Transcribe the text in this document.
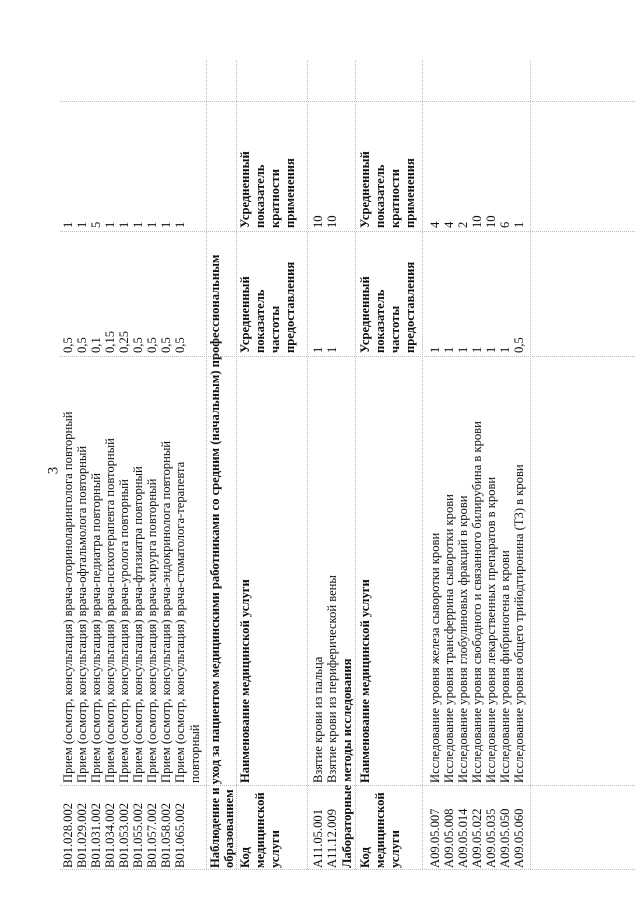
3
B01.028.002
Прием (осмотр, консультация) врача-оториноларинголога повторный
0,5
1
B01.029.002
Прием (осмотр, консультация) врача-офтальмолога повторный
0,5
1
B01.031.002
Прием (осмотр, консультация) врача-педиатра повторный
0,1
5
B01.034.002
Прием (осмотр, консультация) врача-психотерапевта повторный
0,15
1
B01.053.002
Прием (осмотр, консультация) врача-уролога повторный
0,25
1
B01.055.002
Прием (осмотр, консультация) врача-фтизиатра повторный
0,5
1
B01.057.002
Прием (осмотр, консультация) врача-хирурга повторный
0,5
1
B01.058.002
Прием (осмотр, консультация) врача-эндокринолога повторный
0,5
1
B01.065.002
Прием (осмотр, консультация) врача-стоматолога-терапевта
0,5
1
повторный Наблюдение и уход за пациентом медицинскими работниками со средним (начальным) профессиональным образованием Код медицинской услуги
Наименование медицинской услуги
Усредненный показатель частоты предоставления
Усредненный показатель кратности применения
A11.05.001
Взятие крови из пальца
1
10
A11.12.009
Взятие крови из периферической вены
1
10
Лабораторные методы исследования Код медицинской услуги
Наименование медицинской услуги
Усредненный показатель частоты предоставления
Усредненный показатель кратности применения
A09.05.007
Исследование уровня железа сыворотки крови
1
4
A09.05.008
Исследование уровня трансферрина сыворотки крови
1
4
A09.05.014
Исследование уровня глобулиновых фракций в крови
1
2
A09.05.022
Исследование уровня свободного и связанного билирубина в крови
1
10
A09.05.035
Исследование уровня лекарственных препаратов в крови
1
10
A09.05.050
Исследование уровня фибриногена в крови
1
6
A09.05.060
Исследование уровня общего трийодтиронина (Т3) в крови
0,5
1
